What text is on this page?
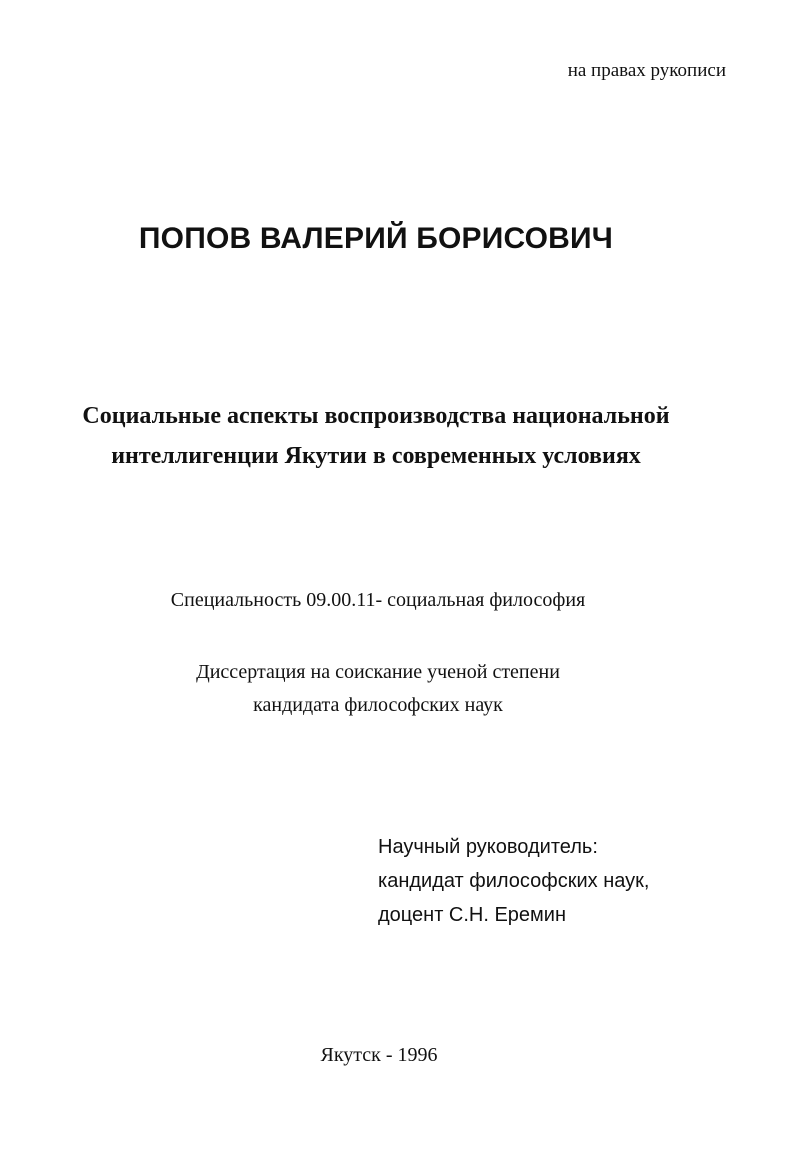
на правах рукописи

ПОПОВ ВАЛЕРИЙ БОРИСОВИЧ

Социальные аспекты воспроизводства национальной
интеллигенции Якутии в современных условиях

Специальность 09.00.11- социальная философия

Диссертация на соискание ученой степени
кандидата философских наук

Научный руководитель:
кандидат философских наук,
доцент С.Н. Еремин

Якутск - 1996
